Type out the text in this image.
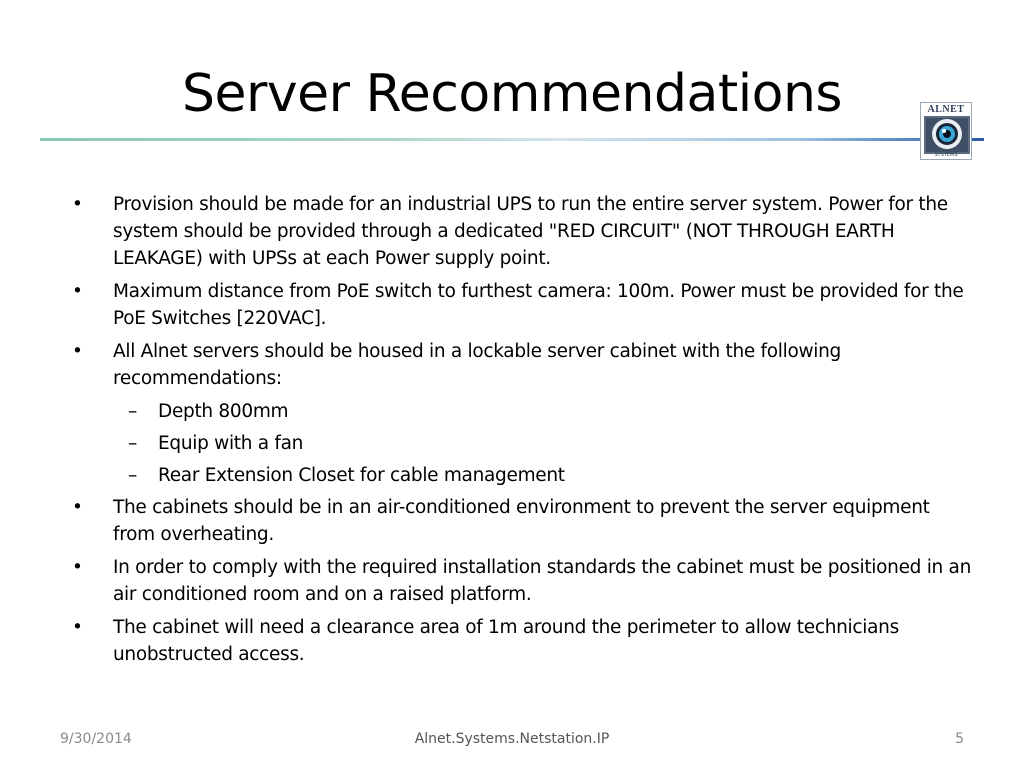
Server Recommendations	ALNET
SYSTEMS
•	Provision should be made for an industrial UPS to run the entire server system. Power for the system should be provided through a dedicated "RED CIRCUIT" (NOT THROUGH EARTH LEAKAGE) with UPSs at each Power supply point.
•	Maximum distance from PoE switch to furthest camera: 100m. Power must be provided for the PoE Switches [220VAC].
•	All Alnet servers should be housed in a lockable server cabinet with the following recommendations:
– Depth 800mm
– Equip with a fan
– Rear Extension Closet for cable management
•	The cabinets should be in an air-conditioned environment to prevent the server equipment from overheating.
•	In order to comply with the required installation standards the cabinet must be positioned in an air conditioned room and on a raised platform.
•	The cabinet will need a clearance area of 1m around the perimeter to allow technicians unobstructed access.
9/30/2014	Alnet.Systems.Netstation.IP	5
